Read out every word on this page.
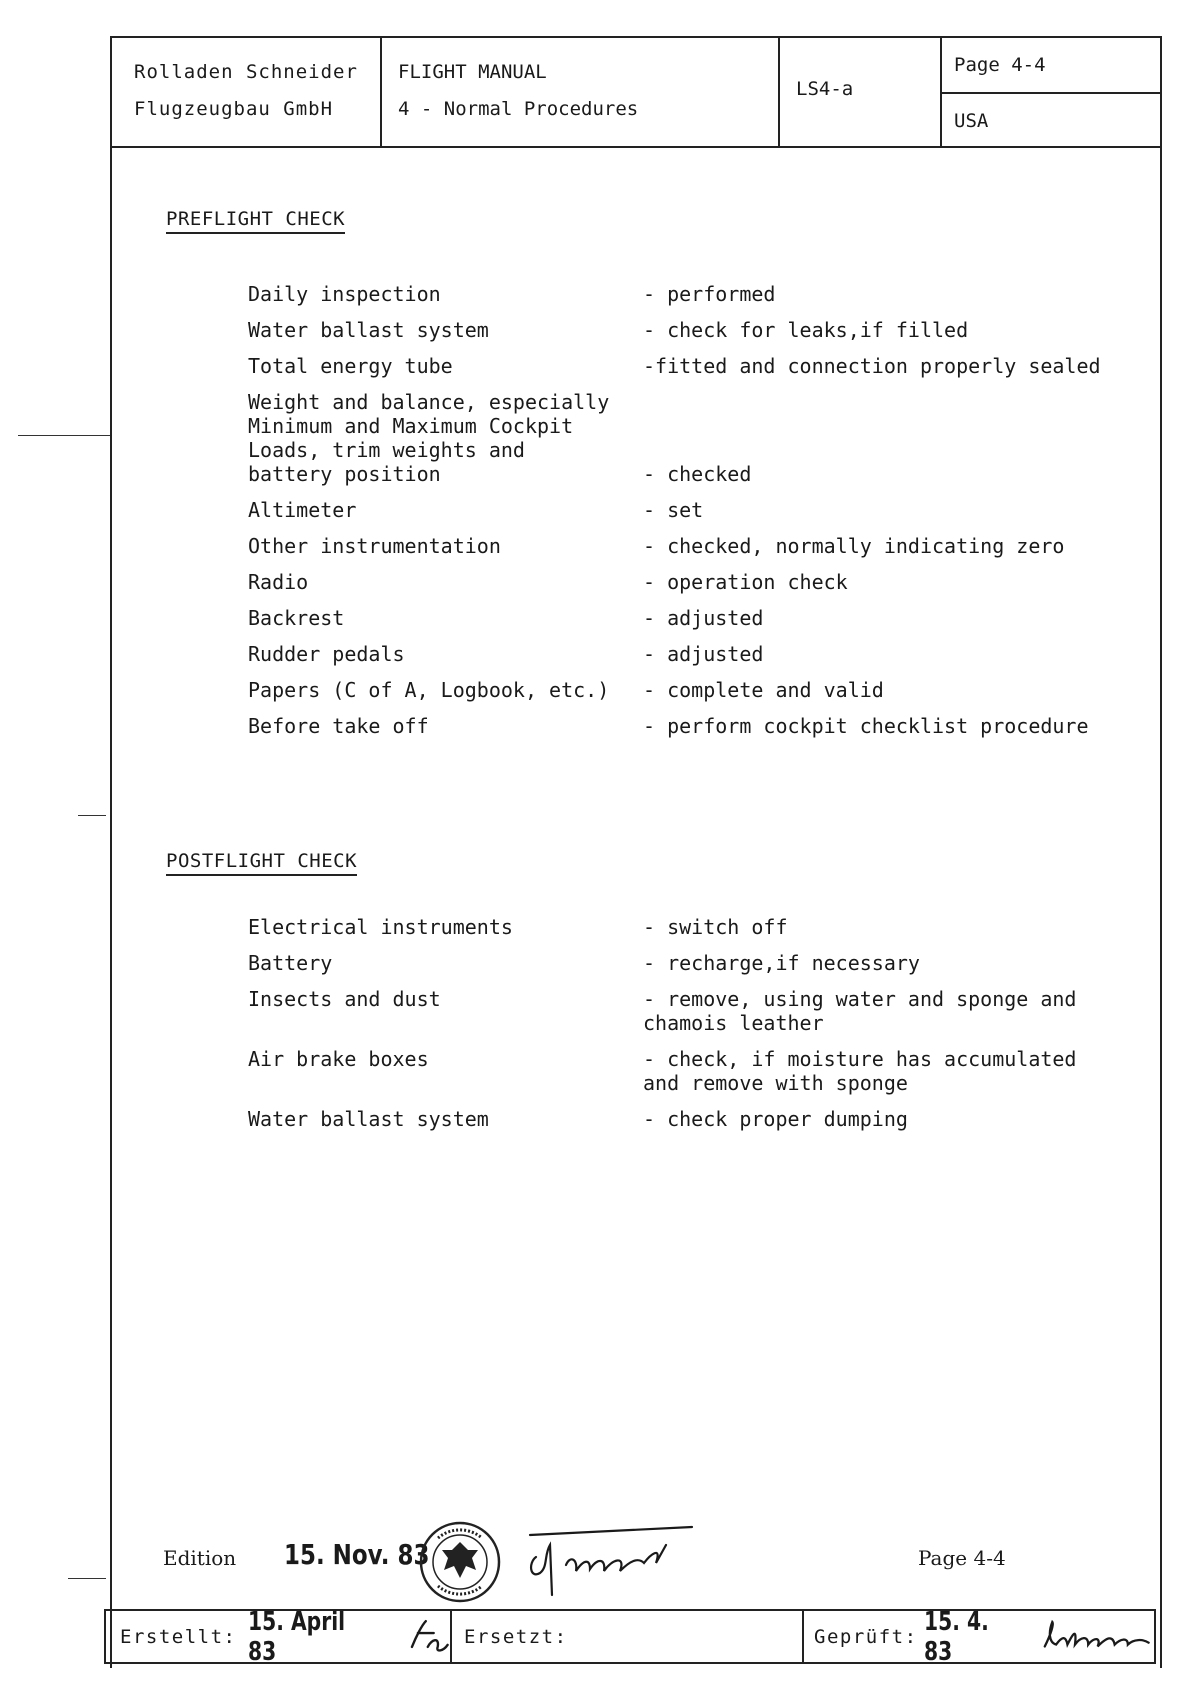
Rolladen Schneider
Flugzeugbau GmbH
FLIGHT MANUAL
4 - Normal Procedures
LS4-a
Page 4-4
USA
PREFLIGHT CHECK
Daily inspection	- performed
Water ballast system	- check for leaks,if filled
Total energy tube	-fitted and connection properly sealed
Weight and balance, especially
Minimum and Maximum Cockpit
Loads, trim weights and
battery position	- checked
Altimeter	- set
Other instrumentation	- checked, normally indicating zero
Radio	- operation check
Backrest	- adjusted
Rudder pedals	- adjusted
Papers (C of A, Logbook, etc.)	- complete and valid
Before take off	- perform cockpit checklist procedure
POSTFLIGHT CHECK
Electrical instruments	- switch off
Battery	- recharge,if necessary
Insects and dust	- remove, using water and sponge and
chamois leather
Air brake boxes	- check, if moisture has accumulated
and remove with sponge
Water ballast system	- check proper dumping
Edition 15. Nov. 83	Page 4-4
Erstellt: 15. April 83	Ersetzt:	Geprüft: 15. 4. 83
